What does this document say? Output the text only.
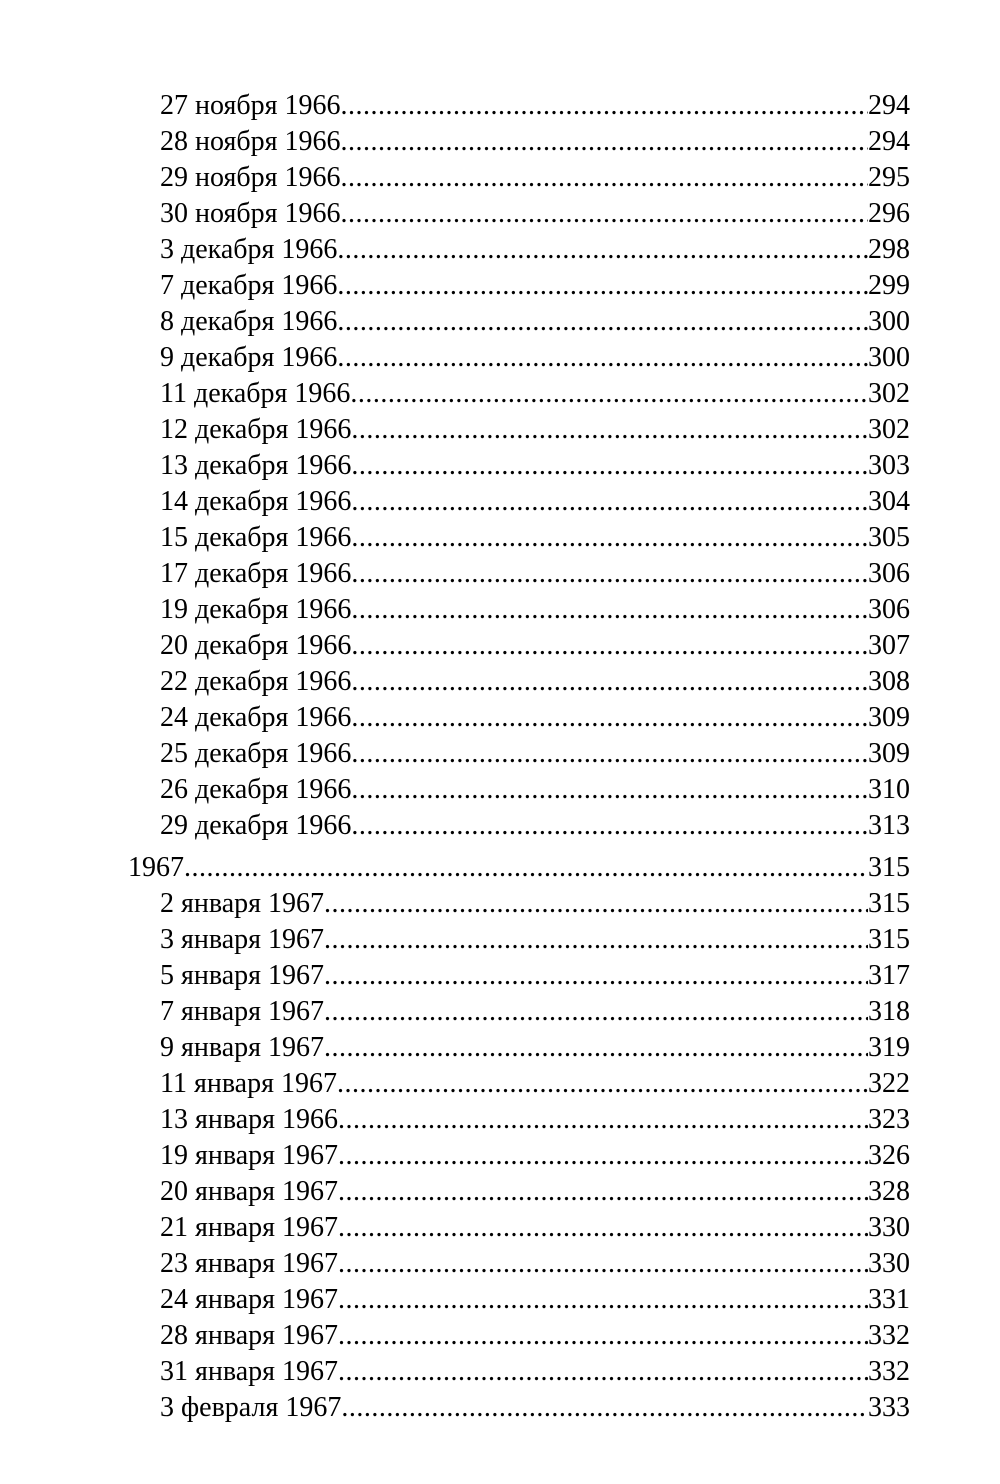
27 ноября 1966 .....	294
28 ноября 1966 .....	294
29 ноября 1966 .....	295
30 ноября 1966 .....	296
3 декабря 1966 .....	298
7 декабря 1966 .....	299
8 декабря 1966 .....	300
9 декабря 1966 .....	300
11 декабря 1966 .....	302
12 декабря 1966 .....	302
13 декабря 1966 .....	303
14 декабря 1966 .....	304
15 декабря 1966 .....	305
17 декабря 1966 .....	306
19 декабря 1966 .....	306
20 декабря 1966 .....	307
22 декабря 1966 .....	308
24 декабря 1966 .....	309
25 декабря 1966 .....	309
26 декабря 1966 .....	310
29 декабря 1966 .....	313
1967 .....	315
2 января 1967 .....	315
3 января 1967 .....	315
5 января 1967 .....	317
7 января 1967 .....	318
9 января 1967 .....	319
11 января 1967 .....	322
13 января 1966 .....	323
19 января 1967 .....	326
20 января 1967 .....	328
21 января 1967 .....	330
23 января 1967 .....	330
24 января 1967 .....	331
28 января 1967 .....	332
31 января 1967 .....	332
3 февраля 1967 .....	333
